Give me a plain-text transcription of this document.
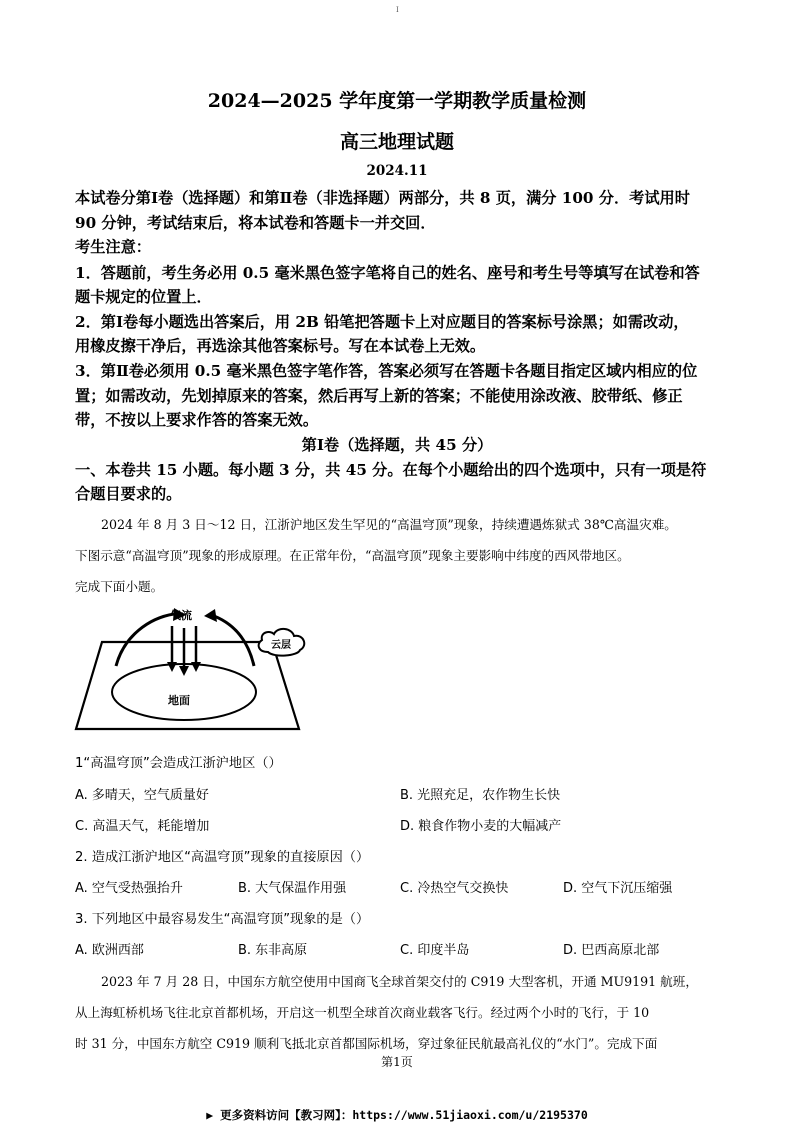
I
2024—2025 学年度第一学期教学质量检测
高三地理试题
2024.11
本试卷分第Ⅰ卷（选择题）和第Ⅱ卷（非选择题）两部分，共 8 页，满分 100 分．考试用时
90 分钟，考试结束后，将本试卷和答题卡一并交回．
考生注意：
1．答题前，考生务必用 0.5 毫米黑色签字笔将自己的姓名、座号和考生号等填写在试卷和答
题卡规定的位置上．
2．第Ⅰ卷每小题选出答案后，用 2B 铅笔把答题卡上对应题目的答案标号涂黑；如需改动，
用橡皮擦干净后，再选涂其他答案标号。写在本试卷上无效。
3．第Ⅱ卷必须用 0.5 毫米黑色签字笔作答，答案必须写在答题卡各题目指定区域内相应的位
置；如需改动，先划掉原来的答案，然后再写上新的答案；不能使用涂改液、胶带纸、修正
带，不按以上要求作答的答案无效。
第Ⅰ卷（选择题，共 45 分）
一、本卷共 15 小题。每小题 3 分，共 45 分。在每个小题给出的四个选项中，只有一项是符
合题目要求的。
2024 年 8 月 3 日～12 日，江浙沪地区发生罕见的“高温穹顶”现象，持续遭遇炼狱式 38℃高温灾难。
下图示意“高温穹顶”现象的形成原理。在正常年份，“高温穹顶”现象主要影响中纬度的西风带地区。
完成下面小题。
气流
云层
地面
1“高温穹顶”会造成江浙沪地区（）
A. 多晴天，空气质量好	B. 光照充足，农作物生长快
C. 高温天气，耗能增加	D. 粮食作物小麦的大幅减产
2. 造成江浙沪地区“高温穹顶”现象的直接原因（）
A. 空气受热强抬升	B. 大气保温作用强	C. 冷热空气交换快	D. 空气下沉压缩强
3. 下列地区中最容易发生“高温穹顶”现象的是（）
A. 欧洲西部	B. 东非高原	C. 印度半岛	D. 巴西高原北部
2023 年 7 月 28 日，中国东方航空使用中国商飞全球首架交付的 C919 大型客机，开通 MU9191 航班，
从上海虹桥机场飞往北京首都机场，开启这一机型全球首次商业载客飞行。经过两个小时的飞行，于 10
时 31 分，中国东方航空 C919 顺利飞抵北京首都国际机场，穿过象征民航最高礼仪的“水门”。完成下面
第1页
▶ 更多资料访问【教习网】：https://www.51jiaoxi.com/u/2195370
